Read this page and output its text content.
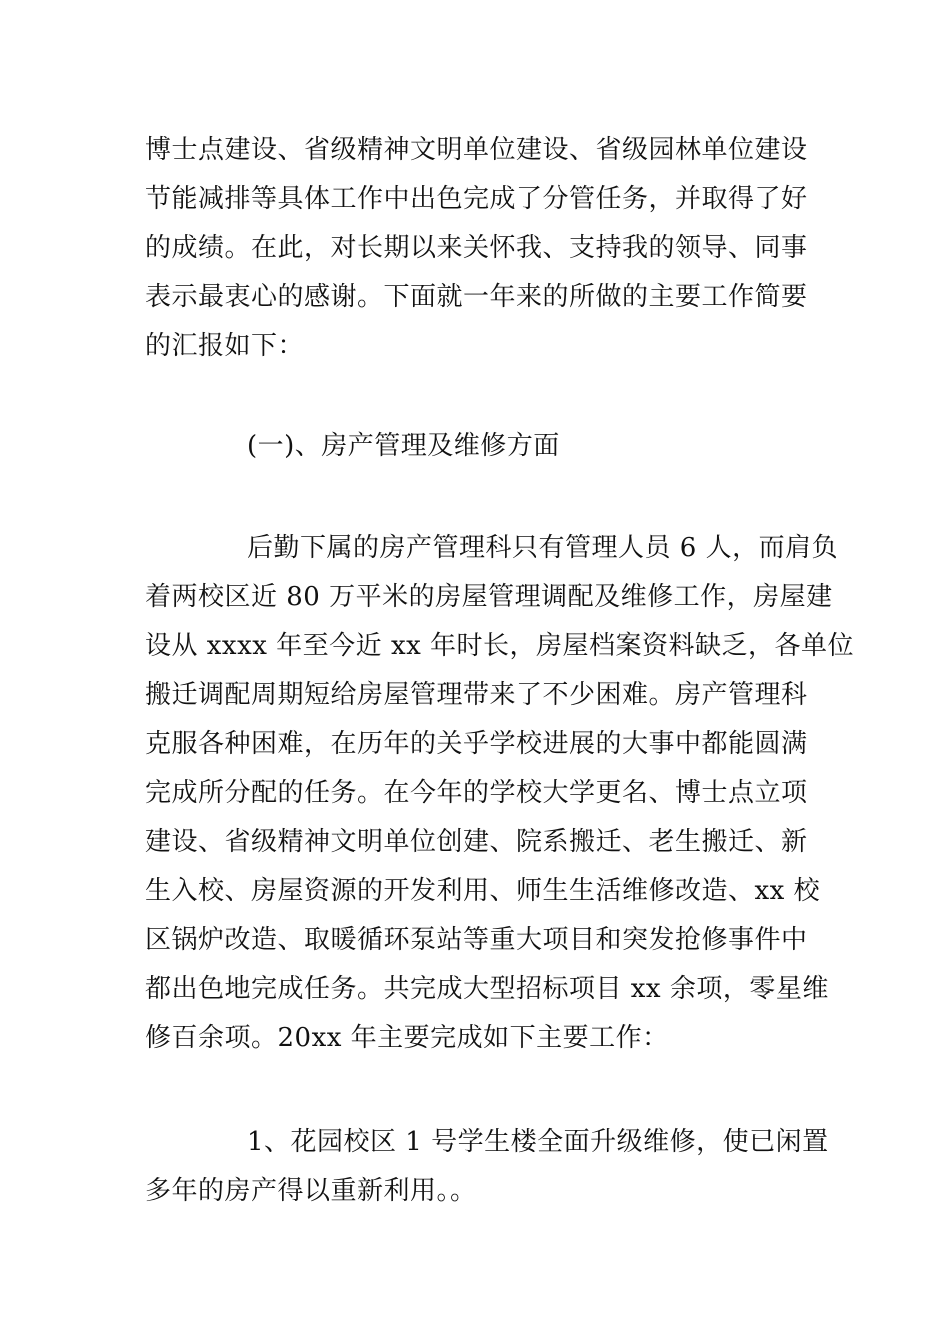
博士点建设、省级精神文明单位建设、省级园林单位建设
节能减排等具体工作中出色完成了分管任务，并取得了好
的成绩。在此，对长期以来关怀我、支持我的领导、同事
表示最衷心的感谢。下面就一年来的所做的主要工作简要
的汇报如下：
(一)、房产管理及维修方面
后勤下属的房产管理科只有管理人员 6 人，而肩负
着两校区近 80 万平米的房屋管理调配及维修工作，房屋建
设从 xxxx 年至今近 xx 年时长，房屋档案资料缺乏，各单位
搬迁调配周期短给房屋管理带来了不少困难。房产管理科
克服各种困难，在历年的关乎学校进展的大事中都能圆满
完成所分配的任务。在今年的学校大学更名、博士点立项
建设、省级精神文明单位创建、院系搬迁、老生搬迁、新
生入校、房屋资源的开发利用、师生生活维修改造、xx 校
区锅炉改造、取暖循环泵站等重大项目和突发抢修事件中
都出色地完成任务。共完成大型招标项目 xx 余项，零星维
修百余项。20xx 年主要完成如下主要工作：
1、花园校区 1 号学生楼全面升级维修，使已闲置
多年的房产得以重新利用。。
